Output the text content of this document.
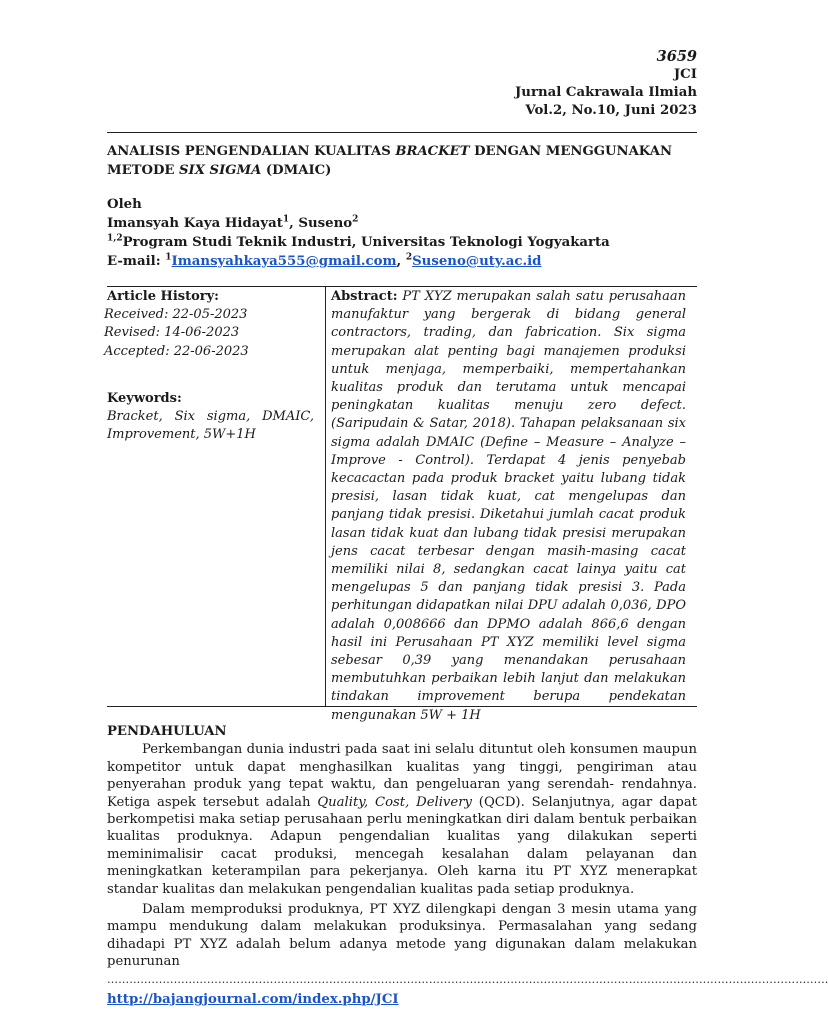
3659
JCI
Jurnal Cakrawala Ilmiah
Vol.2, No.10, Juni 2023
ANALISIS PENGENDALIAN KUALITAS BRACKET DENGAN MENGGUNAKAN METODE SIX SIGMA (DMAIC)
Oleh
Imansyah Kaya Hidayat$^1$, Suseno$^2$
$^{1,2}$Program Studi Teknik Industri, Universitas Teknologi Yogyakarta
E-mail: $^1$Imansyahkaya555@gmail.com, $^2$Suseno@uty.ac.id
Article History:
Received: 22-05-2023
Revised: 14-06-2023
Accepted: 22-06-2023
Keywords:
Bracket, Six sigma, DMAIC, Improvement, 5W+1H
Abstract: PT XYZ merupakan salah satu perusahaan manufaktur yang bergerak di bidang general contractors, trading, dan fabrication. Six sigma merupakan alat penting bagi manajemen produksi untuk menjaga, memperbaiki, mempertahankan kualitas produk dan terutama untuk mencapai peningkatan kualitas menuju zero defect. (Saripudain & Satar, 2018). Tahapan pelaksanaan six sigma adalah DMAIC (Define – Measure – Analyze – Improve - Control). Terdapat 4 jenis penyebab kecacactan pada produk bracket yaitu lubang tidak presisi, lasan tidak kuat, cat mengelupas dan panjang tidak presisi. Diketahui jumlah cacat produk lasan tidak kuat dan lubang tidak presisi merupakan jens cacat terbesar dengan masih-masing cacat memiliki nilai 8, sedangkan cacat lainya yaitu cat mengelupas 5 dan panjang tidak presisi 3. Pada perhitungan didapatkan nilai DPU adalah 0,036, DPO adalah 0,008666 dan DPMO adalah 866,6 dengan hasil ini Perusahaan PT XYZ memiliki level sigma sebesar 0,39 yang menandakan perusahaan membutuhkan perbaikan lebih lanjut dan melakukan tindakan improvement berupa pendekatan mengunakan 5W + 1H
PENDAHULUAN

Perkembangan dunia industri pada saat ini selalu dituntut oleh konsumen maupun kompetitor untuk dapat menghasilkan kualitas yang tinggi, pengiriman atau penyerahan produk yang tepat waktu, dan pengeluaran yang serendah- rendahnya. Ketiga aspek tersebut adalah Quality, Cost, Delivery (QCD). Selanjutnya, agar dapat berkompetisi maka setiap perusahaan perlu meningkatkan diri dalam bentuk perbaikan kualitas produknya. Adapun pengendalian kualitas yang dilakukan seperti meminimalisir cacat produksi, mencegah kesalahan dalam pelayanan dan meningkatkan keterampilan para pekerjanya. Oleh karna itu PT XYZ menerapkat standar kualitas dan melakukan pengendalian kualitas pada setiap produknya.

Dalam memproduksi produknya, PT XYZ dilengkapi dengan 3 mesin utama yang mampu mendukung dalam melakukan produksinya. Permasalahan yang sedang dihadapi PT XYZ adalah belum adanya metode yang digunakan dalam melakukan penurunan

……………………………………………………………………………………………………………………………………………………………………………
http://bajangjournal.com/index.php/JCI
